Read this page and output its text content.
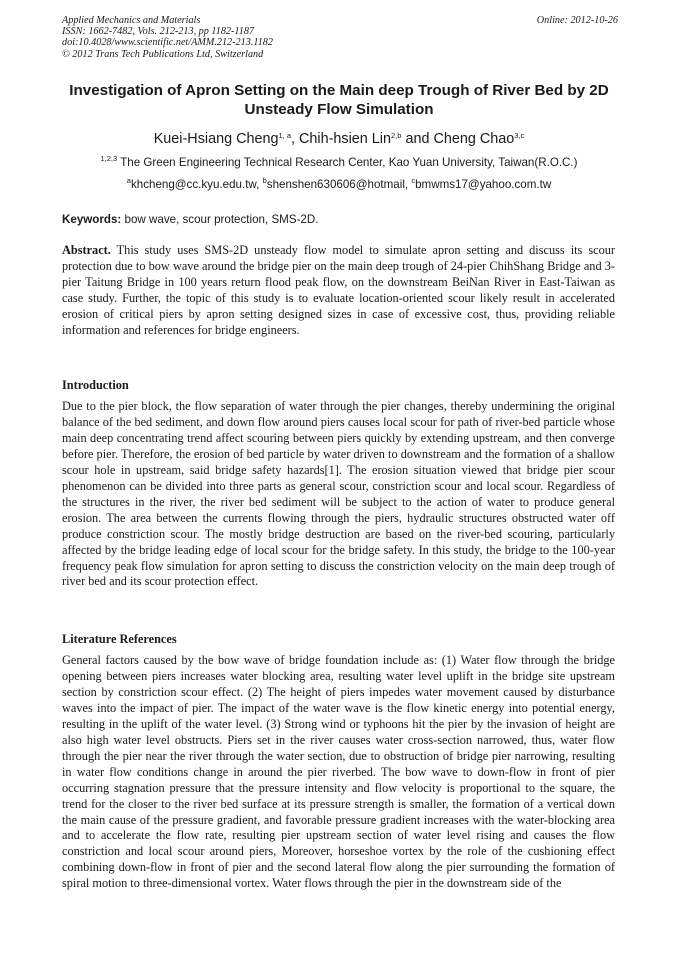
Applied Mechanics and Materials
ISSN: 1662-7482, Vols. 212-213, pp 1182-1187
doi:10.4028/www.scientific.net/AMM.212-213.1182
© 2012 Trans Tech Publications Ltd, Switzerland
Online: 2012-10-26
Investigation of Apron Setting on the Main deep Trough of River Bed by 2D Unsteady Flow Simulation
Kuei-Hsiang Cheng$^{1, a}$, Chih-hsien Lin$^{2,b}$ and Cheng Chao$^{3,c}$
$^{1,2,3}$ The Green Engineering Technical Research Center, Kao Yuan University, Taiwan(R.O.C.)
$^a$khcheng@cc.kyu.edu.tw, $^b$shenshen630606@hotmail, $^c$bmwms17@yahoo.com.tw
Keywords: bow wave, scour protection, SMS-2D.
Abstract. This study uses SMS-2D unsteady flow model to simulate apron setting and discuss its scour protection due to bow wave around the bridge pier on the main deep trough of 24-pier ChihShang Bridge and 3-pier Taitung Bridge in 100 years return flood peak flow, on the downstream BeiNan River in East-Taiwan as case study. Further, the topic of this study is to evaluate location-oriented scour likely result in accelerated erosion of critical piers by apron setting designed sizes in case of excessive cost, thus, providing reliable information and references for bridge engineers.
Introduction
Due to the pier block, the flow separation of water through the pier changes, thereby undermining the original balance of the bed sediment, and down flow around piers causes local scour for path of river-bed particle whose main deep concentrating trend affect scouring between piers quickly by extending upstream, and then converge before pier. Therefore, the erosion of bed particle by water driven to downstream and the formation of a shallow scour hole in upstream, said bridge safety hazards[1]. The erosion situation viewed that bridge pier scour phenomenon can be divided into three parts as general scour, constriction scour and local scour. Regardless of the structures in the river, the river bed sediment will be subject to the action of water to produce general erosion. The area between the currents flowing through the piers, hydraulic structures obstructed water off produce constriction scour. The mostly bridge destruction are based on the river-bed scouring, particularly affected by the bridge leading edge of local scour for the bridge safety. In this study, the bridge to the 100-year frequency peak flow simulation for apron setting to discuss the constriction velocity on the main deep trough of river bed and its scour protection effect.
Literature References
General factors caused by the bow wave of bridge foundation include as: (1) Water flow through the bridge opening between piers increases water blocking area, resulting water level uplift in the bridge site upstream section by constriction scour effect. (2) The height of piers impedes water movement caused by disturbance waves into the impact of pier. The impact of the water wave is the flow kinetic energy into potential energy, resulting in the uplift of the water level. (3) Strong wind or typhoons hit the pier by the invasion of height are also high water level obstructs. Piers set in the river causes water cross-section narrowed, thus, water flow through the pier near the river through the water section, due to obstruction of bridge pier narrowing, resulting in water flow conditions change in around the pier riverbed. The bow wave to down-flow in front of pier occurring stagnation pressure that the pressure intensity and flow velocity is proportional to the square, the trend for the closer to the river bed surface at its pressure strength is smaller, the formation of a vertical down the main cause of the pressure gradient, and favorable pressure gradient increases with the water-blocking area and to accelerate the flow rate, resulting pier upstream section of water level rising and causes the flow constriction and local scour around piers, Moreover, horseshoe vortex by the role of the cushioning effect combining down-flow in front of pier and the second lateral flow along the pier surrounding the formation of spiral motion to three-dimensional vortex. Water flows through the pier in the downstream side of the
